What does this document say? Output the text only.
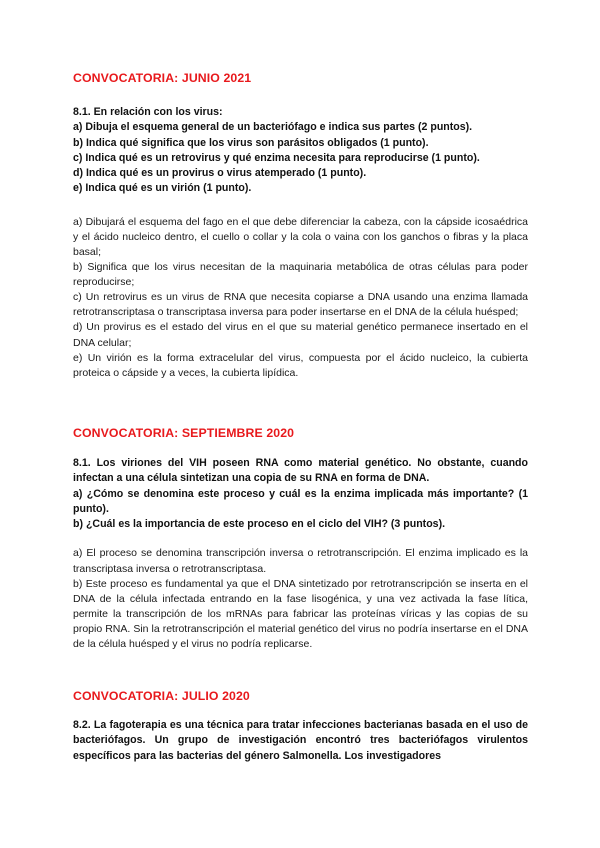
CONVOCATORIA: JUNIO 2021
8.1. En relación con los virus:
a) Dibuja el esquema general de un bacteriófago e indica sus partes (2 puntos).
b) Indica qué significa que los virus son parásitos obligados (1 punto).
c) Indica qué es un retrovirus y qué enzima necesita para reproducirse (1 punto).
d) Indica qué es un provirus o virus atemperado (1 punto).
e) Indica qué es un virión (1 punto).
a) Dibujará el esquema del fago en el que debe diferenciar la cabeza, con la cápside icosaédrica y el ácido nucleico dentro, el cuello o collar y la cola o vaina con los ganchos o fibras y la placa basal;
b) Significa que los virus necesitan de la maquinaria metabólica de otras células para poder reproducirse;
c) Un retrovirus es un virus de RNA que necesita copiarse a DNA usando una enzima llamada retrotranscriptasa o transcriptasa inversa para poder insertarse en el DNA de la célula huésped;
d) Un provirus es el estado del virus en el que su material genético permanece insertado en el DNA celular;
e) Un virión es la forma extracelular del virus, compuesta por el ácido nucleico, la cubierta proteica o cápside y a veces, la cubierta lipídica.
CONVOCATORIA: SEPTIEMBRE 2020
8.1. Los viriones del VIH poseen RNA como material genético. No obstante, cuando infectan a una célula sintetizan una copia de su RNA en forma de DNA.
a) ¿Cómo se denomina este proceso y cuál es la enzima implicada más importante? (1 punto).
b) ¿Cuál es la importancia de este proceso en el ciclo del VIH? (3 puntos).
a) El proceso se denomina transcripción inversa o retrotranscripción. El enzima implicado es la transcriptasa inversa o retrotranscriptasa.
b) Este proceso es fundamental ya que el DNA sintetizado por retrotranscripción se inserta en el DNA de la célula infectada entrando en la fase lisogénica, y una vez activada la fase lítica, permite la transcripción de los mRNAs para fabricar las proteínas víricas y las copias de su propio RNA. Sin la retrotranscripción el material genético del virus no podría insertarse en el DNA de la célula huésped y el virus no podría replicarse.
CONVOCATORIA: JULIO 2020
8.2. La fagoterapia es una técnica para tratar infecciones bacterianas basada en el uso de bacteriófagos. Un grupo de investigación encontró tres bacteriófagos virulentos específicos para las bacterias del género Salmonella. Los investigadores
